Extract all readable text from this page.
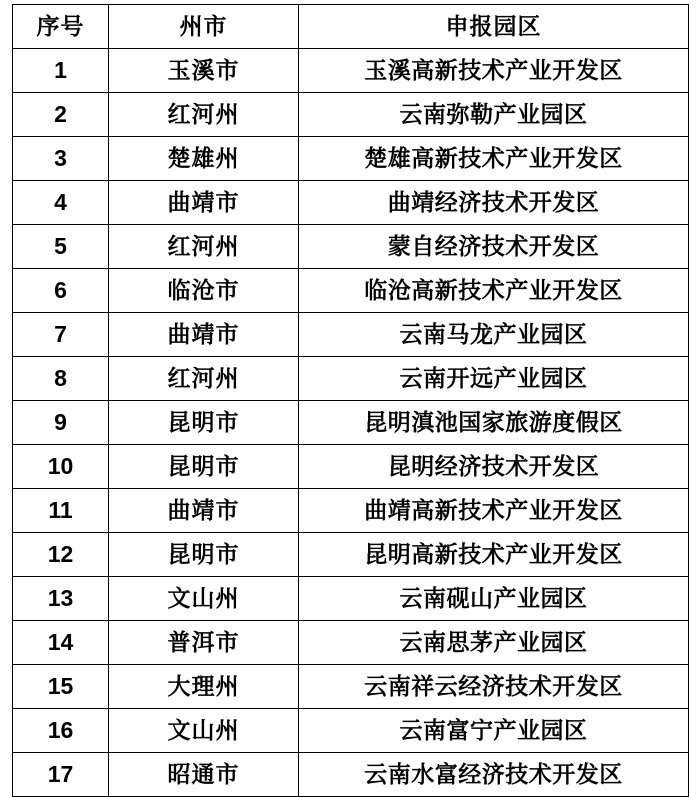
序号	州市	申报园区
1	玉溪市	玉溪高新技术产业开发区
2	红河州	云南弥勒产业园区
3	楚雄州	楚雄高新技术产业开发区
4	曲靖市	曲靖经济技术开发区
5	红河州	蒙自经济技术开发区
6	临沧市	临沧高新技术产业开发区
7	曲靖市	云南马龙产业园区
8	红河州	云南开远产业园区
9	昆明市	昆明滇池国家旅游度假区
10	昆明市	昆明经济技术开发区
11	曲靖市	曲靖高新技术产业开发区
12	昆明市	昆明高新技术产业开发区
13	文山州	云南砚山产业园区
14	普洱市	云南思茅产业园区
15	大理州	云南祥云经济技术开发区
16	文山州	云南富宁产业园区
17	昭通市	云南水富经济技术开发区
